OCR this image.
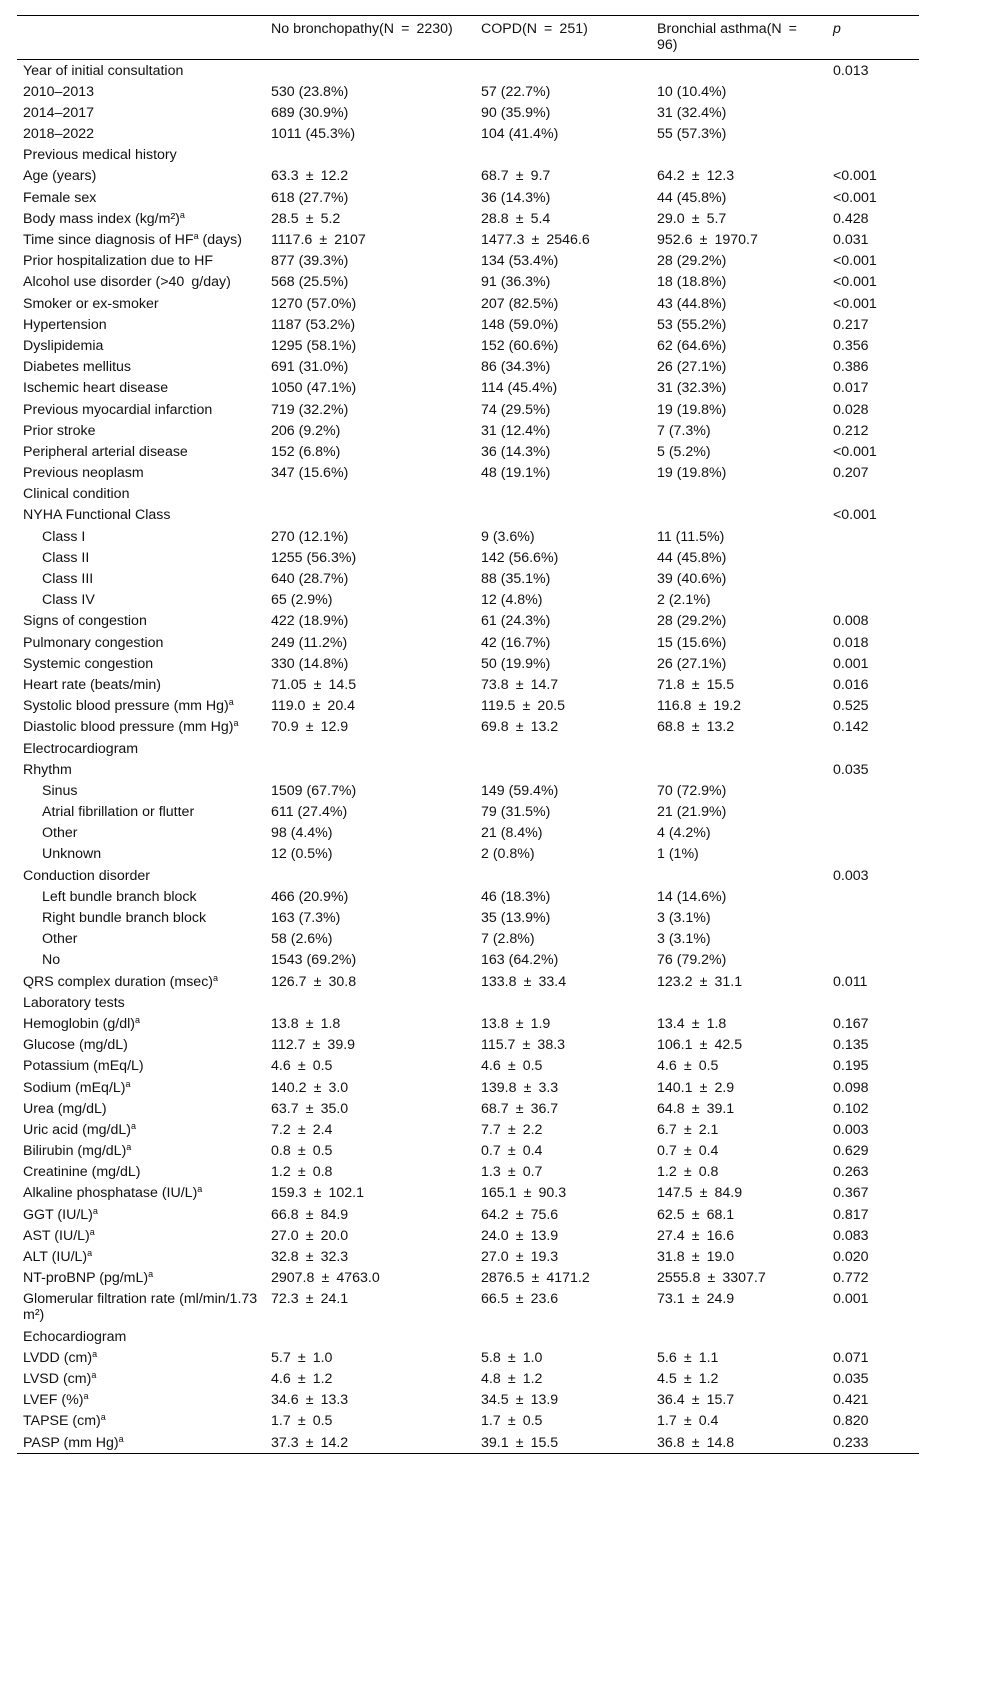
	No bronchopathy(N = 2230)	COPD(N = 251)	Bronchial asthma(N = 96)	p
Year of initial consultation				0.013
2010–2013	530 (23.8%)	57 (22.7%)	10 (10.4%)	
2014–2017	689 (30.9%)	90 (35.9%)	31 (32.4%)	
2018–2022	1011 (45.3%)	104 (41.4%)	55 (57.3%)	
Previous medical history				
Age (years)	63.3 ± 12.2	68.7 ± 9.7	64.2 ± 12.3	<0.001
Female sex	618 (27.7%)	36 (14.3%)	44 (45.8%)	<0.001
Body mass index $(kg/m^2)^a$	28.5 ± 5.2	28.8 ± 5.4	29.0 ± 5.7	0.428
Time since diagnosis of $HF^a$ (days)	1117.6 ± 2107	1477.3 ± 2546.6	952.6 ± 1970.7	0.031
Prior hospitalization due to HF	877 (39.3%)	134 (53.4%)	28 (29.2%)	<0.001
Alcohol use disorder (>40 g/day)	568 (25.5%)	91 (36.3%)	18 (18.8%)	<0.001
Smoker or ex-smoker	1270 (57.0%)	207 (82.5%)	43 (44.8%)	<0.001
Hypertension	1187 (53.2%)	148 (59.0%)	53 (55.2%)	0.217
Dyslipidemia	1295 (58.1%)	152 (60.6%)	62 (64.6%)	0.356
Diabetes mellitus	691 (31.0%)	86 (34.3%)	26 (27.1%)	0.386
Ischemic heart disease	1050 (47.1%)	114 (45.4%)	31 (32.3%)	0.017
Previous myocardial infarction	719 (32.2%)	74 (29.5%)	19 (19.8%)	0.028
Prior stroke	206 (9.2%)	31 (12.4%)	7 (7.3%)	0.212
Peripheral arterial disease	152 (6.8%)	36 (14.3%)	5 (5.2%)	<0.001
Previous neoplasm	347 (15.6%)	48 (19.1%)	19 (19.8%)	0.207
Clinical condition				
NYHA Functional Class				<0.001
Class I	270 (12.1%)	9 (3.6%)	11 (11.5%)	
Class II	1255 (56.3%)	142 (56.6%)	44 (45.8%)	
Class III	640 (28.7%)	88 (35.1%)	39 (40.6%)	
Class IV	65 (2.9%)	12 (4.8%)	2 (2.1%)	
Signs of congestion	422 (18.9%)	61 (24.3%)	28 (29.2%)	0.008
Pulmonary congestion	249 (11.2%)	42 (16.7%)	15 (15.6%)	0.018
Systemic congestion	330 (14.8%)	50 (19.9%)	26 (27.1%)	0.001
Heart rate (beats/min)	71.05 ± 14.5	73.8 ± 14.7	71.8 ± 15.5	0.016
Systolic blood pressure (mm Hg)$^a$	119.0 ± 20.4	119.5 ± 20.5	116.8 ± 19.2	0.525
Diastolic blood pressure (mm Hg)$^a$	70.9 ± 12.9	69.8 ± 13.2	68.8 ± 13.2	0.142
Electrocardiogram				
Rhythm				0.035
Sinus	1509 (67.7%)	149 (59.4%)	70 (72.9%)	
Atrial fibrillation or flutter	611 (27.4%)	79 (31.5%)	21 (21.9%)	
Other	98 (4.4%)	21 (8.4%)	4 (4.2%)	
Unknown	12 (0.5%)	2 (0.8%)	1 (1%)	
Conduction disorder				0.003
Left bundle branch block	466 (20.9%)	46 (18.3%)	14 (14.6%)	
Right bundle branch block	163 (7.3%)	35 (13.9%)	3 (3.1%)	
Other	58 (2.6%)	7 (2.8%)	3 (3.1%)	
No	1543 (69.2%)	163 (64.2%)	76 (79.2%)	
QRS complex duration $(msec)^a$	126.7 ± 30.8	133.8 ± 33.4	123.2 ± 31.1	0.011
Laboratory tests				
Hemoglobin $(g/dl)^a$	13.8 ± 1.8	13.8 ± 1.9	13.4 ± 1.8	0.167
Glucose (mg/dL)	112.7 ± 39.9	115.7 ± 38.3	106.1 ± 42.5	0.135
Potassium (mEq/L)	4.6 ± 0.5	4.6 ± 0.5	4.6 ± 0.5	0.195
Sodium $(mEq/L)^a$	140.2 ± 3.0	139.8 ± 3.3	140.1 ± 2.9	0.098
Urea (mg/dL)	63.7 ± 35.0	68.7 ± 36.7	64.8 ± 39.1	0.102
Uric acid $(mg/dL)^a$	7.2 ± 2.4	7.7 ± 2.2	6.7 ± 2.1	0.003
Bilirubin $(mg/dL)^a$	0.8 ± 0.5	0.7 ± 0.4	0.7 ± 0.4	0.629
Creatinine (mg/dL)	1.2 ± 0.8	1.3 ± 0.7	1.2 ± 0.8	0.263
Alkaline phosphatase $(IU/L)^a$	159.3 ± 102.1	165.1 ± 90.3	147.5 ± 84.9	0.367
GGT $(IU/L)^a$	66.8 ± 84.9	64.2 ± 75.6	62.5 ± 68.1	0.817
AST $(IU/L)^a$	27.0 ± 20.0	24.0 ± 13.9	27.4 ± 16.6	0.083
ALT $(IU/L)^a$	32.8 ± 32.3	27.0 ± 19.3	31.8 ± 19.0	0.020
NT-proBNP $(pg/mL)^a$	2907.8 ± 4763.0	2876.5 ± 4171.2	2555.8 ± 3307.7	0.772
Glomerular filtration rate (ml/min/1.73 m²)	72.3 ± 24.1	66.5 ± 23.6	73.1 ± 24.9	0.001
Echocardiogram				
LVDD (cm)$^a$	5.7 ± 1.0	5.8 ± 1.0	5.6 ± 1.1	0.071
LVSD (cm)$^a$	4.6 ± 1.2	4.8 ± 1.2	4.5 ± 1.2	0.035
LVEF (%)$^a$	34.6 ± 13.3	34.5 ± 13.9	36.4 ± 15.7	0.421
TAPSE (cm)$^a$	1.7 ± 0.5	1.7 ± 0.5	1.7 ± 0.4	0.820
PASP (mm Hg)$^a$	37.3 ± 14.2	39.1 ± 15.5	36.8 ± 14.8	0.233
